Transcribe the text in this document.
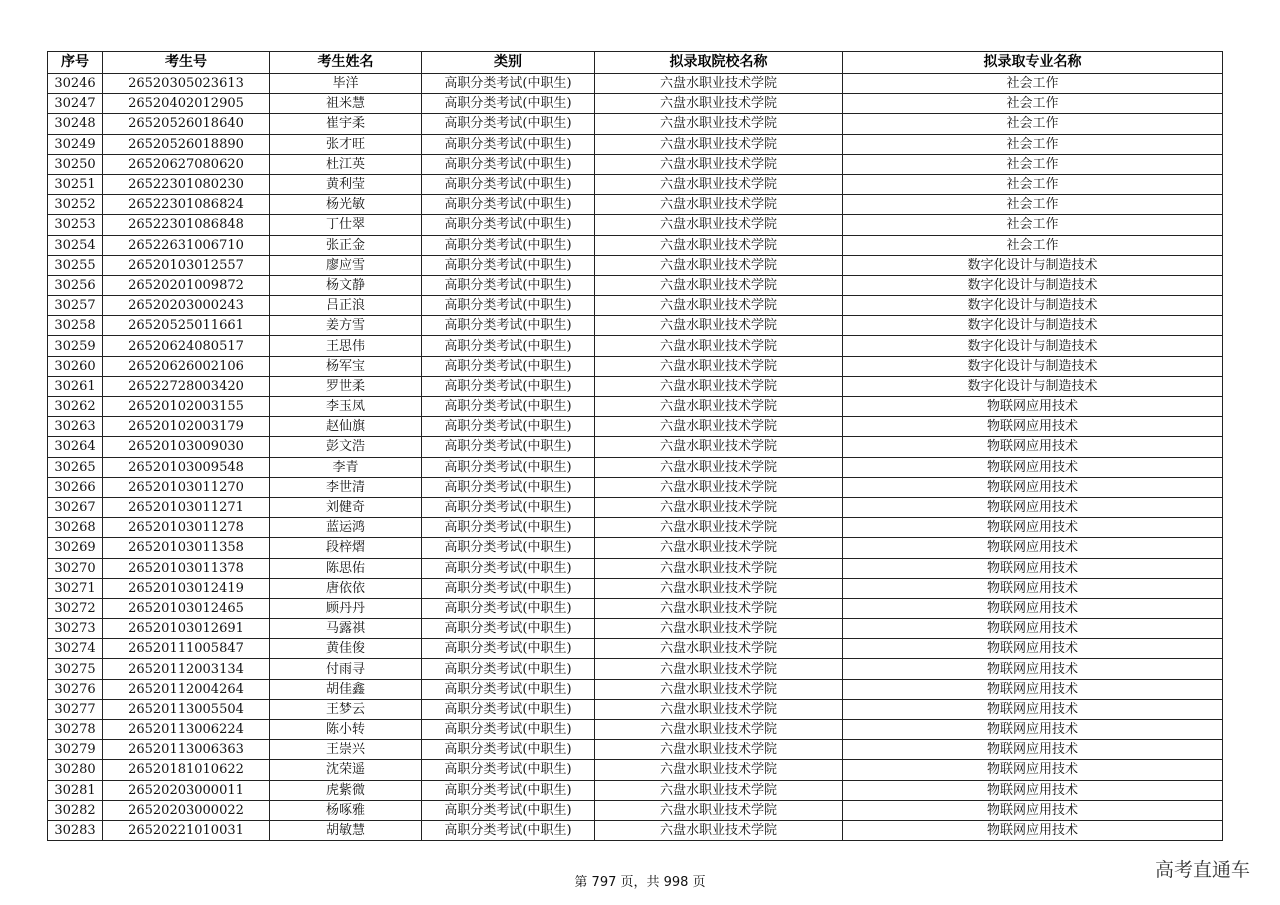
序号	考生号	考生姓名	类别	拟录取院校名称	拟录取专业名称
30246	26520305023613	毕洋	高职分类考试(中职生)	六盘水职业技术学院	社会工作
30247	26520402012905	祖米慧	高职分类考试(中职生)	六盘水职业技术学院	社会工作
30248	26520526018640	崔宇柔	高职分类考试(中职生)	六盘水职业技术学院	社会工作
30249	26520526018890	张才旺	高职分类考试(中职生)	六盘水职业技术学院	社会工作
30250	26520627080620	杜江英	高职分类考试(中职生)	六盘水职业技术学院	社会工作
30251	26522301080230	黄利莹	高职分类考试(中职生)	六盘水职业技术学院	社会工作
30252	26522301086824	杨光敏	高职分类考试(中职生)	六盘水职业技术学院	社会工作
30253	26522301086848	丁仕翠	高职分类考试(中职生)	六盘水职业技术学院	社会工作
30254	26522631006710	张正金	高职分类考试(中职生)	六盘水职业技术学院	社会工作
30255	26520103012557	廖应雪	高职分类考试(中职生)	六盘水职业技术学院	数字化设计与制造技术
30256	26520201009872	杨文静	高职分类考试(中职生)	六盘水职业技术学院	数字化设计与制造技术
30257	26520203000243	吕正浪	高职分类考试(中职生)	六盘水职业技术学院	数字化设计与制造技术
30258	26520525011661	姜方雪	高职分类考试(中职生)	六盘水职业技术学院	数字化设计与制造技术
30259	26520624080517	王思伟	高职分类考试(中职生)	六盘水职业技术学院	数字化设计与制造技术
30260	26520626002106	杨军宝	高职分类考试(中职生)	六盘水职业技术学院	数字化设计与制造技术
30261	26522728003420	罗世柔	高职分类考试(中职生)	六盘水职业技术学院	数字化设计与制造技术
30262	26520102003155	李玉凤	高职分类考试(中职生)	六盘水职业技术学院	物联网应用技术
30263	26520102003179	赵仙旗	高职分类考试(中职生)	六盘水职业技术学院	物联网应用技术
30264	26520103009030	彭文浩	高职分类考试(中职生)	六盘水职业技术学院	物联网应用技术
30265	26520103009548	李青	高职分类考试(中职生)	六盘水职业技术学院	物联网应用技术
30266	26520103011270	李世清	高职分类考试(中职生)	六盘水职业技术学院	物联网应用技术
30267	26520103011271	刘健奇	高职分类考试(中职生)	六盘水职业技术学院	物联网应用技术
30268	26520103011278	蓝运鸿	高职分类考试(中职生)	六盘水职业技术学院	物联网应用技术
30269	26520103011358	段梓熠	高职分类考试(中职生)	六盘水职业技术学院	物联网应用技术
30270	26520103011378	陈思佑	高职分类考试(中职生)	六盘水职业技术学院	物联网应用技术
30271	26520103012419	唐依依	高职分类考试(中职生)	六盘水职业技术学院	物联网应用技术
30272	26520103012465	顾丹丹	高职分类考试(中职生)	六盘水职业技术学院	物联网应用技术
30273	26520103012691	马露祺	高职分类考试(中职生)	六盘水职业技术学院	物联网应用技术
30274	26520111005847	黄佳俊	高职分类考试(中职生)	六盘水职业技术学院	物联网应用技术
30275	26520112003134	付雨寻	高职分类考试(中职生)	六盘水职业技术学院	物联网应用技术
30276	26520112004264	胡佳鑫	高职分类考试(中职生)	六盘水职业技术学院	物联网应用技术
30277	26520113005504	王梦云	高职分类考试(中职生)	六盘水职业技术学院	物联网应用技术
30278	26520113006224	陈小转	高职分类考试(中职生)	六盘水职业技术学院	物联网应用技术
30279	26520113006363	王崇兴	高职分类考试(中职生)	六盘水职业技术学院	物联网应用技术
30280	26520181010622	沈荣遥	高职分类考试(中职生)	六盘水职业技术学院	物联网应用技术
30281	26520203000011	虎紫微	高职分类考试(中职生)	六盘水职业技术学院	物联网应用技术
30282	26520203000022	杨啄雅	高职分类考试(中职生)	六盘水职业技术学院	物联网应用技术
30283	26520221010031	胡敏慧	高职分类考试(中职生)	六盘水职业技术学院	物联网应用技术
第 797 页，共 998 页
高考直通车
